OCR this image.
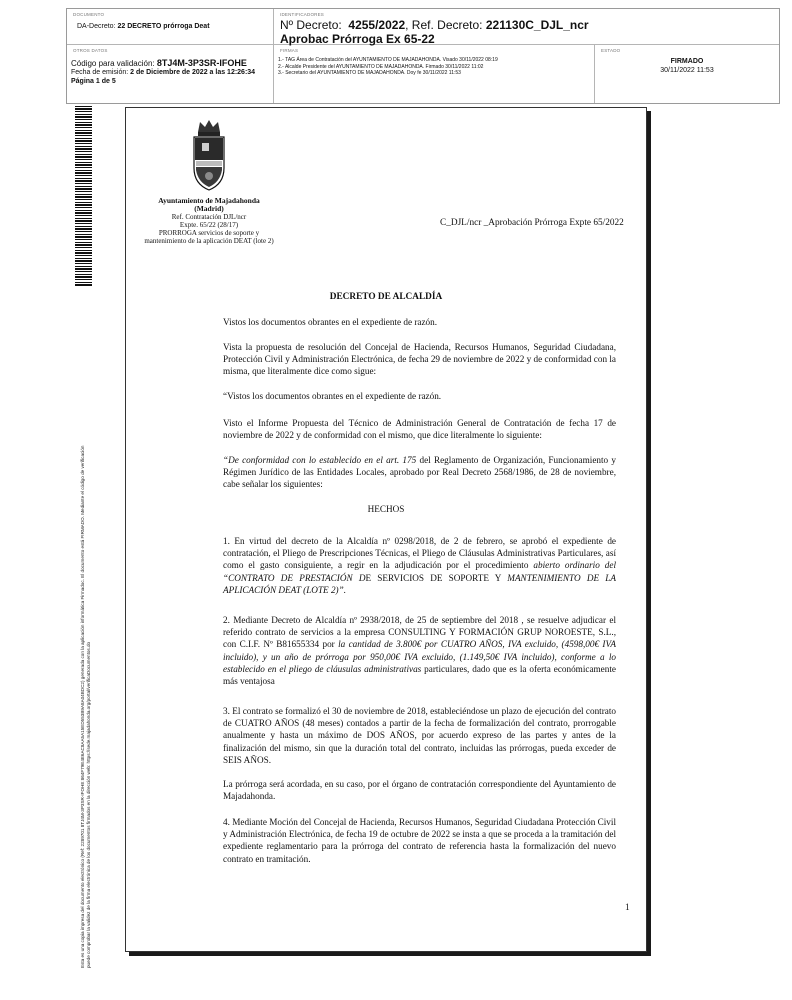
DOCUMENTO
DA-Decreto: 22 DECRETO prórroga Deat
IDENTIFICADORES
Nº Decreto: 4255/2022, Ref. Decreto: 221130C_DJL_ncr Aprobac Prórroga Ex 65-22
OTROS DATOS
Código para validación: 8TJ4M-3P3SR-IFOHE
Fecha de emisión: 2 de Diciembre de 2022 a las 12:26:34
Página 1 de 5
FIRMAS
1.- TAG Área de Contratación del AYUNTAMIENTO DE MAJADAHONDA. Visado 30/11/2022 08:19
2.- Alcalde Presidente del AYUNTAMIENTO DE MAJADAHONDA. Firmado 30/11/2022 11:02
3.- Secretario del AYUNTAMIENTO DE MAJADAHONDA. Doy fe 30/11/2022 11:53
ESTADO
FIRMADO
30/11/2022 11:53
Esta es una copia impresa del documento electrónico (Ref: 2289701 8TJ4M-3P3SR-IFOHE 864F79E4E6AC8AA5A15ED553B9A8A04BDC2) generada con la aplicación informática Firmadoc. El documento está FIRMADO. Mediante el código de verificación puede comprobar la validez de la firma electrónica de los documentos firmados en la dirección web: https://sede.majadahonda.org/portal/verificaDocumentos.do
Ayuntamiento de Majadahonda
(Madrid)
Ref. Contratación DJL/ncr
Expte. 65/22 (28/17)
PRORROGA servicios de soporte y
mantenimiento de la aplicación DEAT (lote 2)
C_DJL/ncr _Aprobación Prórroga Expte 65/2022
DECRETO DE ALCALDÍA

Vistos los documentos obrantes en el expediente de razón.

Vista la propuesta de resolución del Concejal de Hacienda, Recursos Humanos, Seguridad Ciudadana, Protección Civil y Administración Electrónica, de fecha 29 de noviembre de 2022 y de conformidad con la misma, que literalmente dice como sigue:

“Vistos los documentos obrantes en el expediente de razón.

Visto el Informe Propuesta del Técnico de Administración General de Contratación de fecha 17 de noviembre de 2022 y de conformidad con el mismo, que dice literalmente lo siguiente:

“De conformidad con lo establecido en el art. 175 del Reglamento de Organización, Funcionamiento y Régimen Jurídico de las Entidades Locales, aprobado por Real Decreto 2568/1986, de 28 de noviembre, cabe señalar los siguientes:

HECHOS

1. En virtud del decreto de la Alcaldía nº 0298/2018, de 2 de febrero, se aprobó el expediente de contratación, el Pliego de Prescripciones Técnicas, el Pliego de Cláusulas Administrativas Particulares, así como el gasto consiguiente, a regir en la adjudicación por el procedimiento abierto ordinario del “CONTRATO DE PRESTACIÓN DE SERVICIOS DE SOPORTE Y MANTENIMIENTO DE LA APLICACIÓN DEAT (LOTE 2)”.

2. Mediante Decreto de Alcaldía nº 2938/2018, de 25 de septiembre del 2018 , se resuelve adjudicar el referido contrato de servicios a la empresa CONSULTING Y FORMACIÓN GRUP NOROESTE, S.L., con C.I.F. Nº B81655334 por la cantidad de 3.800€ por CUATRO AÑOS, IVA excluido, (4598,00€ IVA incluido), y un año de prórroga por 950,00€ IVA excluido, (1.149,50€ IVA incluido), conforme a lo establecido en el pliego de cláusulas administrativas particulares, dado que es la oferta económicamente más ventajosa

3. El contrato se formalizó el 30 de noviembre de 2018, estableciéndose un plazo de ejecución del contrato de CUATRO AÑOS (48 meses) contados a partir de la fecha de formalización del contrato, prorrogable anualmente y hasta un máximo de DOS AÑOS, por acuerdo expreso de las partes y antes de la finalización del mismo, sin que la duración total del contrato, incluidas las prórrogas, pueda exceder de SEIS AÑOS.

La prórroga será acordada, en su caso, por el órgano de contratación correspondiente del Ayuntamiento de Majadahonda.

4. Mediante Moción del Concejal de Hacienda, Recursos Humanos, Seguridad Ciudadana Protección Civil y Administración Electrónica, de fecha 19 de octubre de 2022 se insta a que se proceda a la tramitación del expediente reglamentario para la prórroga del contrato de referencia hasta la formalización del nuevo contrato en tramitación.

1
